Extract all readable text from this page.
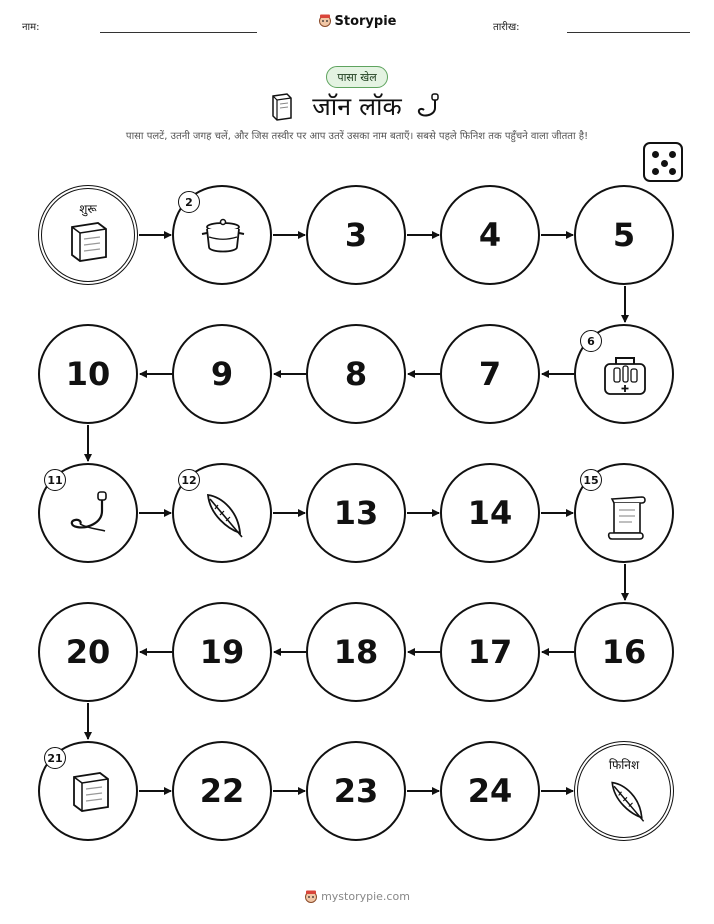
नाम:	Storypie	तारीख:
पासा खेल
जॉन लॉक
पासा पलटें, उतनी जगह चलें, और जिस तस्वीर पर आप उतरें उसका नाम बताएँ। सबसे पहले फिनिश तक पहुँचने वाला जीतता है!
शुरू	2
3	4	5
6
7
8
9
10
11	12
13	14
15
16
17
18
19
20
21
22	23	24
फिनिश
mystorypie.com
